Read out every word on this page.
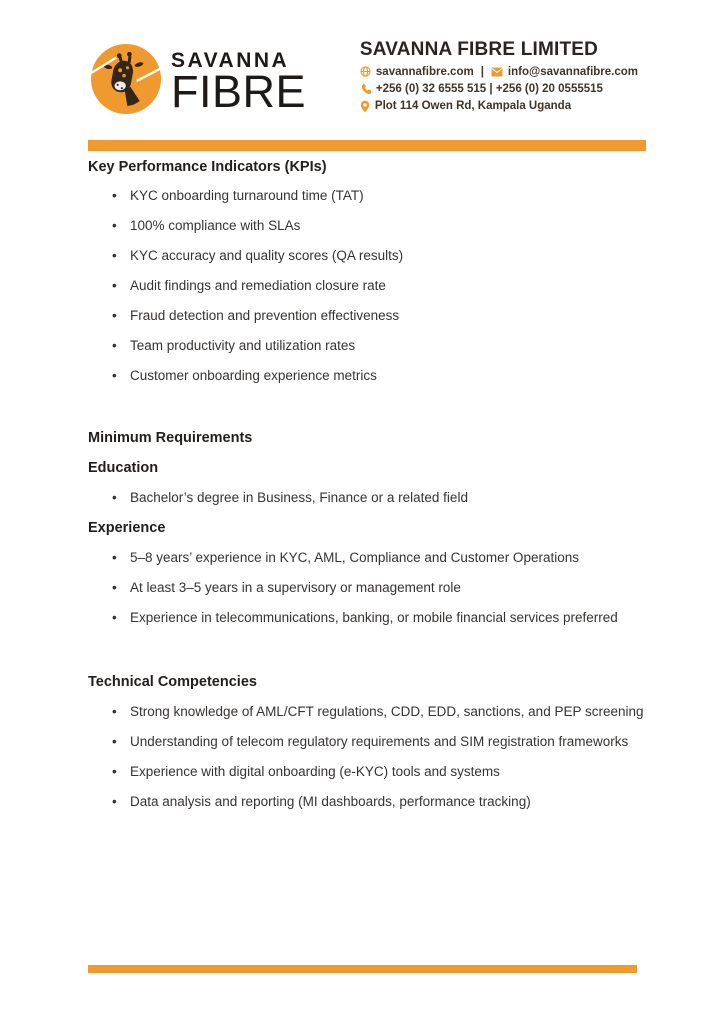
SAVANNA
FIBRE
SAVANNA FIBRE LIMITED
savannafibre.com | info@savannafibre.com
+256 (0) 32 6555 515 | +256 (0) 20 0555515
Plot 114 Owen Rd, Kampala Uganda
Key Performance Indicators (KPIs)
• KYC onboarding turnaround time (TAT)
• 100% compliance with SLAs
• KYC accuracy and quality scores (QA results)
• Audit findings and remediation closure rate
• Fraud detection and prevention effectiveness
• Team productivity and utilization rates
• Customer onboarding experience metrics
Minimum Requirements
Education
• Bachelor’s degree in Business, Finance or a related field
Experience
• 5–8 years’ experience in KYC, AML, Compliance and Customer Operations
• At least 3–5 years in a supervisory or management role
• Experience in telecommunications, banking, or mobile financial services preferred
Technical Competencies
• Strong knowledge of AML/CFT regulations, CDD, EDD, sanctions, and PEP screening
• Understanding of telecom regulatory requirements and SIM registration frameworks
• Experience with digital onboarding (e-KYC) tools and systems
• Data analysis and reporting (MI dashboards, performance tracking)
